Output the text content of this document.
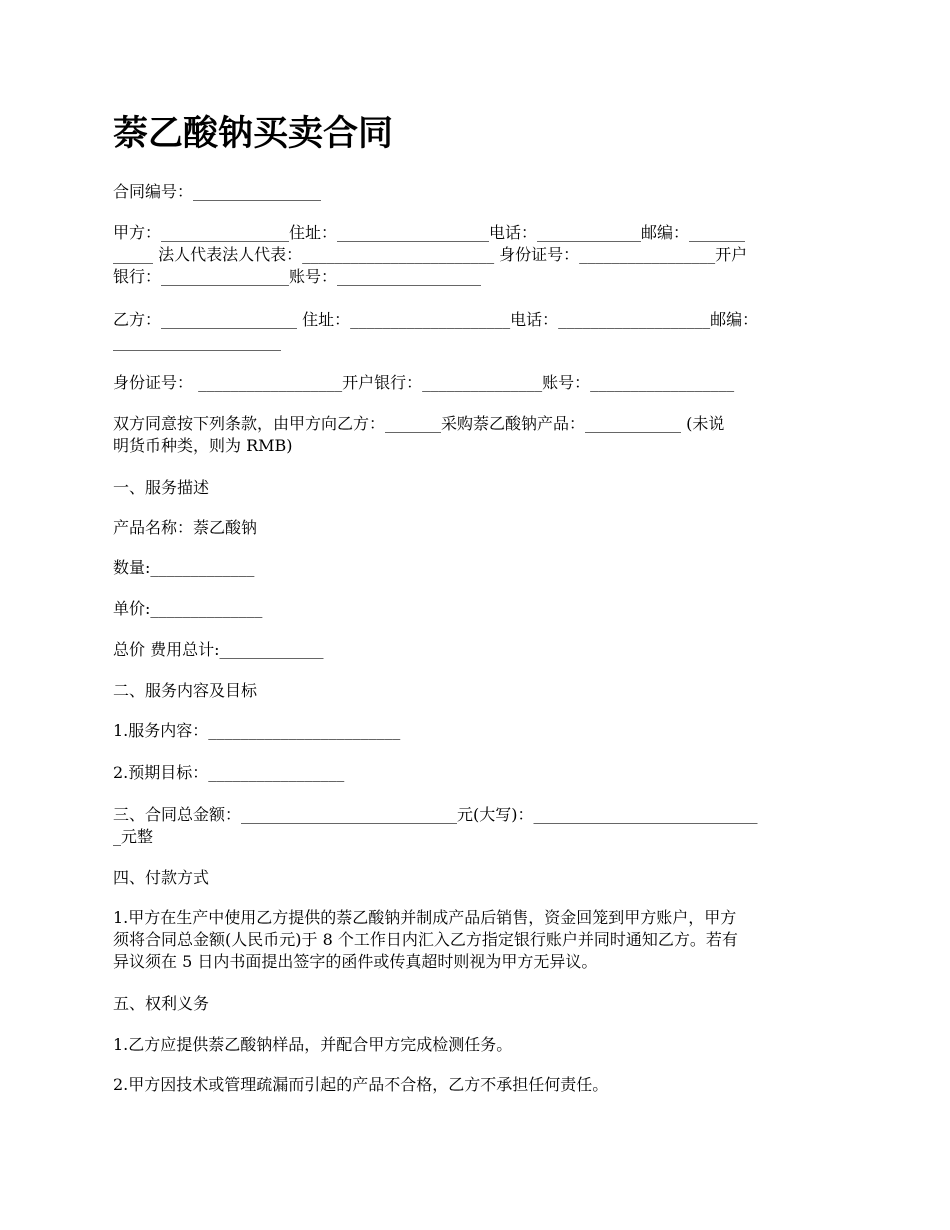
萘乙酸钠买卖合同

合同编号：________________

甲方：________________住址：___________________电话：_____________邮编：_______

_____ 法人代表法人代表：________________________ 身份证号：_________________开户

银行：________________账号：__________________

乙方：_________________ 住址：____________________电话：___________________邮编：

_____________________

身份证号： __________________开户银行：_______________账号：__________________

双方同意按下列条款，由甲方向乙方：_______采购萘乙酸钠产品：____________ (未说

明货币种类，则为 RMB)

一、服务描述

产品名称：萘乙酸钠

数量:_____________

单价:______________

总价 费用总计:_____________

二、服务内容及目标

1.服务内容：________________________

2.预期目标：_________________

三、合同总金额：___________________________元(大写)：____________________________

_元整

四、付款方式

1.甲方在生产中使用乙方提供的萘乙酸钠并制成产品后销售，资金回笼到甲方账户，甲方

须将合同总金额(人民币元)于 8 个工作日内汇入乙方指定银行账户并同时通知乙方。若有

异议须在 5 日内书面提出签字的函件或传真超时则视为甲方无异议。

五、权利义务

1.乙方应提供萘乙酸钠样品，并配合甲方完成检测任务。

2.甲方因技术或管理疏漏而引起的产品不合格，乙方不承担任何责任。
